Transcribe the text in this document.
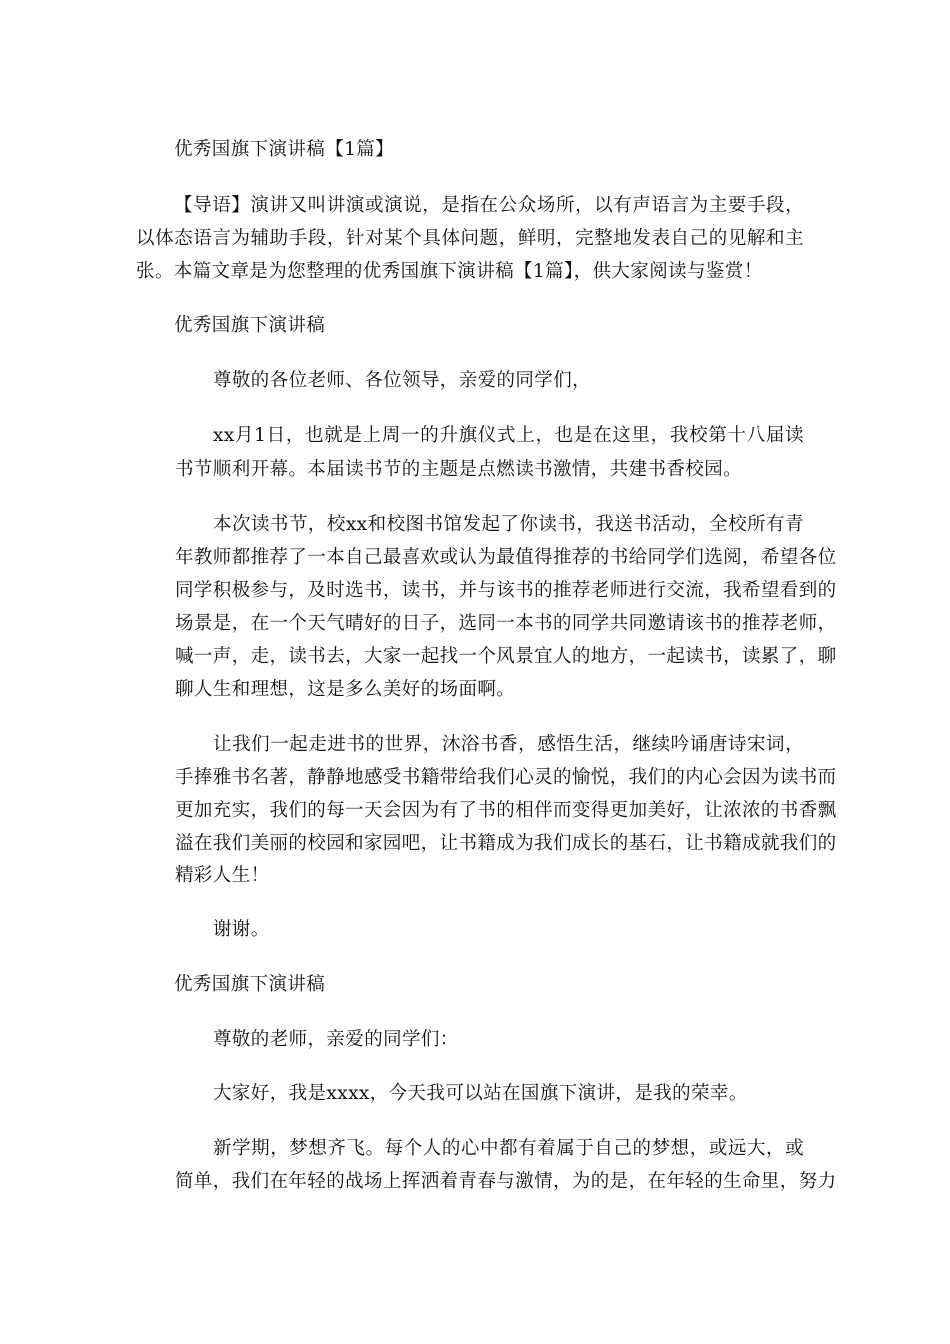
优秀国旗下演讲稿【1篇】
【导语】演讲又叫讲演或演说，是指在公众场所，以有声语言为主要手段，
以体态语言为辅助手段，针对某个具体问题，鲜明，完整地发表自己的见解和主
张。本篇文章是为您整理的优秀国旗下演讲稿【1篇】，供大家阅读与鉴赏！
优秀国旗下演讲稿
尊敬的各位老师、各位领导，亲爱的同学们，
xx月1日，也就是上周一的升旗仪式上，也是在这里，我校第十八届读
书节顺利开幕。本届读书节的主题是点燃读书激情，共建书香校园。
本次读书节，校xx和校图书馆发起了你读书，我送书活动，全校所有青
年教师都推荐了一本自己最喜欢或认为最值得推荐的书给同学们选阅，希望各位
同学积极参与，及时选书，读书，并与该书的推荐老师进行交流，我希望看到的
场景是，在一个天气晴好的日子，选同一本书的同学共同邀请该书的推荐老师，
喊一声，走，读书去，大家一起找一个风景宜人的地方，一起读书，读累了，聊
聊人生和理想，这是多么美好的场面啊。
让我们一起走进书的世界，沐浴书香，感悟生活，继续吟诵唐诗宋词，
手捧雅书名著，静静地感受书籍带给我们心灵的愉悦，我们的内心会因为读书而
更加充实，我们的每一天会因为有了书的相伴而变得更加美好，让浓浓的书香飘
溢在我们美丽的校园和家园吧，让书籍成为我们成长的基石，让书籍成就我们的
精彩人生！
谢谢。
优秀国旗下演讲稿
尊敬的老师，亲爱的同学们：
大家好，我是xxxx，今天我可以站在国旗下演讲，是我的荣幸。
新学期，梦想齐飞。每个人的心中都有着属于自己的梦想，或远大，或
简单，我们在年轻的战场上挥洒着青春与激情，为的是，在年轻的生命里，努力
